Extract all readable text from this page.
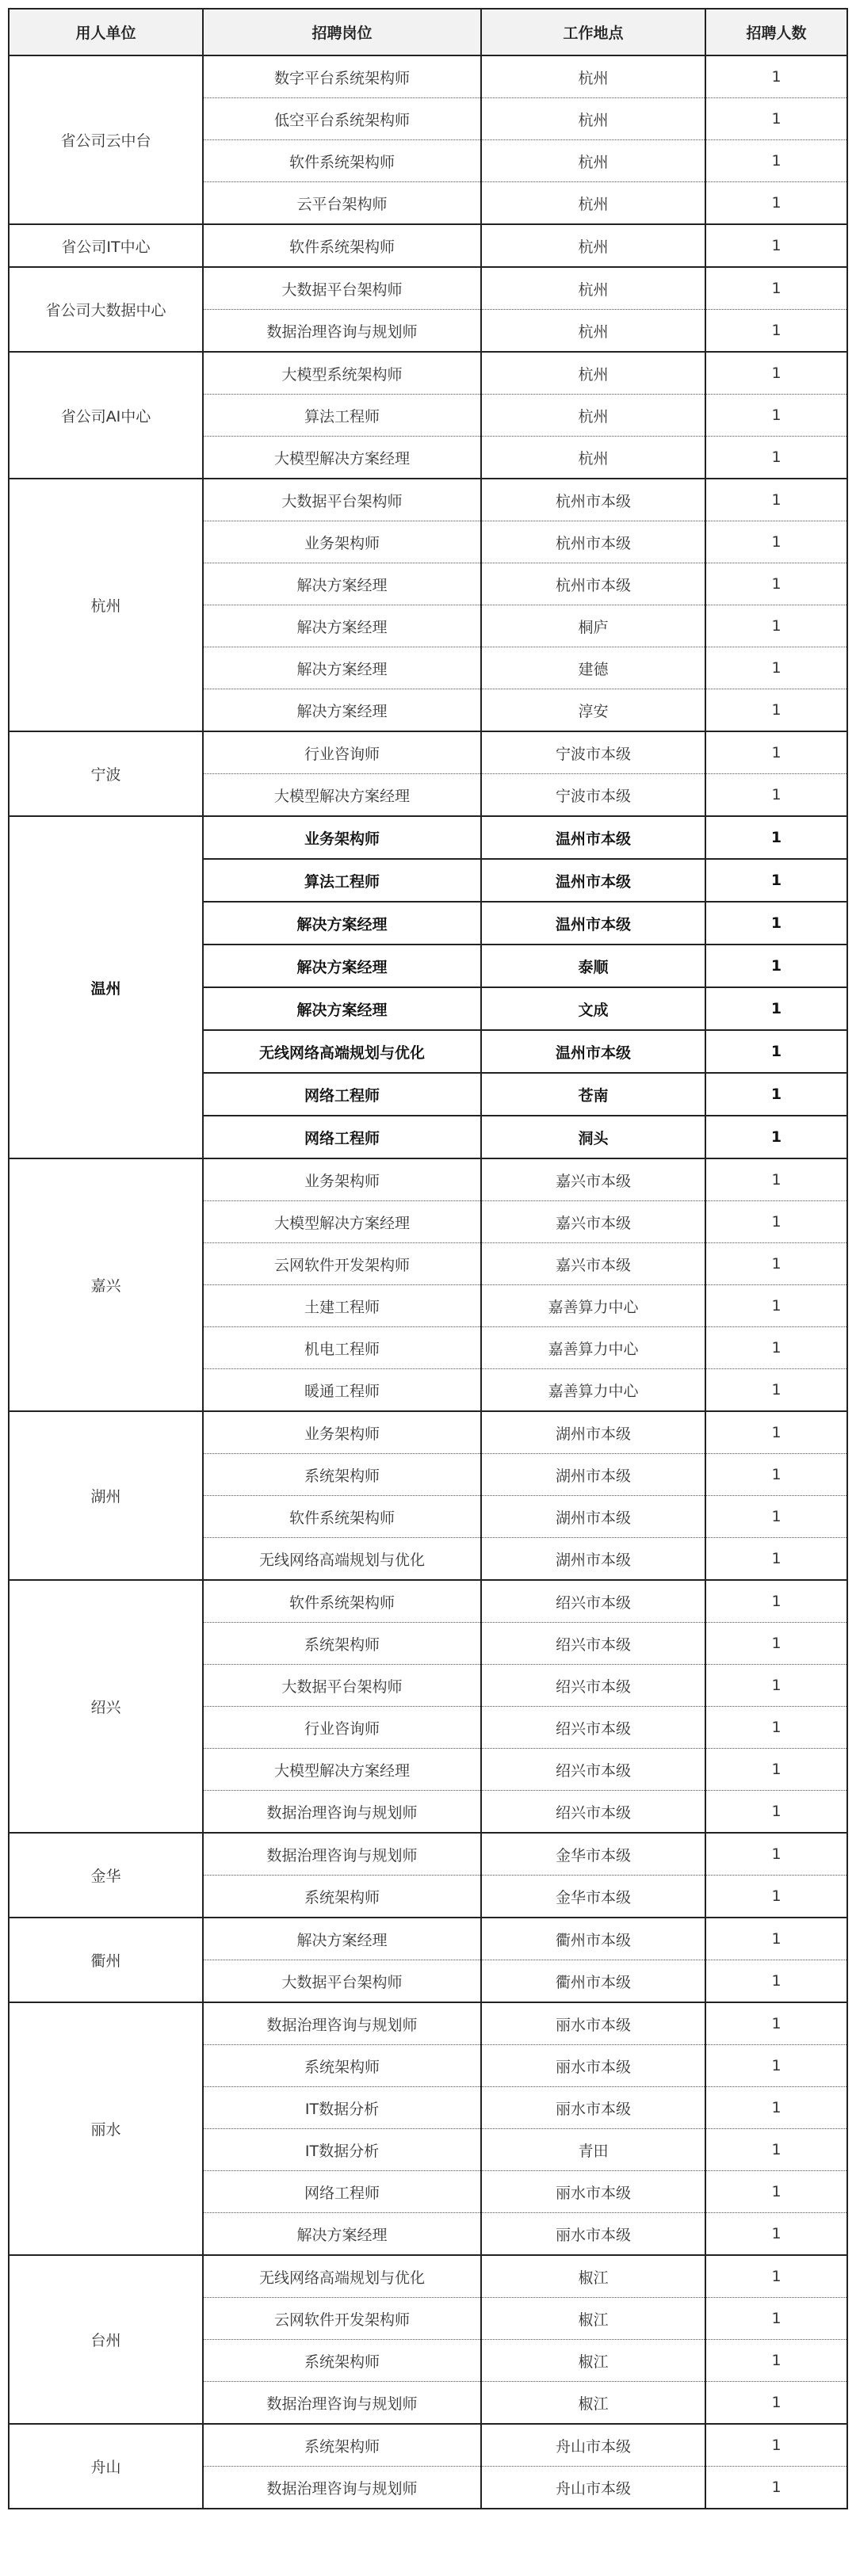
用人单位	招聘岗位	工作地点	招聘人数
省公司云中台	数字平台系统架构师	杭州	1
	低空平台系统架构师	杭州	1
	软件系统架构师	杭州	1
	云平台架构师	杭州	1
省公司IT中心	软件系统架构师	杭州	1
省公司大数据中心	大数据平台架构师	杭州	1
	数据治理咨询与规划师	杭州	1
省公司AI中心	大模型系统架构师	杭州	1
	算法工程师	杭州	1
	大模型解决方案经理	杭州	1
杭州	大数据平台架构师	杭州市本级	1
	业务架构师	杭州市本级	1
	解决方案经理	杭州市本级	1
	解决方案经理	桐庐	1
	解决方案经理	建德	1
	解决方案经理	淳安	1
宁波	行业咨询师	宁波市本级	1
	大模型解决方案经理	宁波市本级	1
温州	业务架构师	温州市本级	1
	算法工程师	温州市本级	1
	解决方案经理	温州市本级	1
	解决方案经理	泰顺	1
	解决方案经理	文成	1
	无线网络高端规划与优化	温州市本级	1
	网络工程师	苍南	1
	网络工程师	洞头	1
嘉兴	业务架构师	嘉兴市本级	1
	大模型解决方案经理	嘉兴市本级	1
	云网软件开发架构师	嘉兴市本级	1
	土建工程师	嘉善算力中心	1
	机电工程师	嘉善算力中心	1
	暖通工程师	嘉善算力中心	1
湖州	业务架构师	湖州市本级	1
	系统架构师	湖州市本级	1
	软件系统架构师	湖州市本级	1
	无线网络高端规划与优化	湖州市本级	1
绍兴	软件系统架构师	绍兴市本级	1
	系统架构师	绍兴市本级	1
	大数据平台架构师	绍兴市本级	1
	行业咨询师	绍兴市本级	1
	大模型解决方案经理	绍兴市本级	1
	数据治理咨询与规划师	绍兴市本级	1
金华	数据治理咨询与规划师	金华市本级	1
	系统架构师	金华市本级	1
衢州	解决方案经理	衢州市本级	1
	大数据平台架构师	衢州市本级	1
丽水	数据治理咨询与规划师	丽水市本级	1
	系统架构师	丽水市本级	1
	IT数据分析	丽水市本级	1
	IT数据分析	青田	1
	网络工程师	丽水市本级	1
	解决方案经理	丽水市本级	1
台州	无线网络高端规划与优化	椒江	1
	云网软件开发架构师	椒江	1
	系统架构师	椒江	1
	数据治理咨询与规划师	椒江	1
舟山	系统架构师	舟山市本级	1
	数据治理咨询与规划师	舟山市本级	1
